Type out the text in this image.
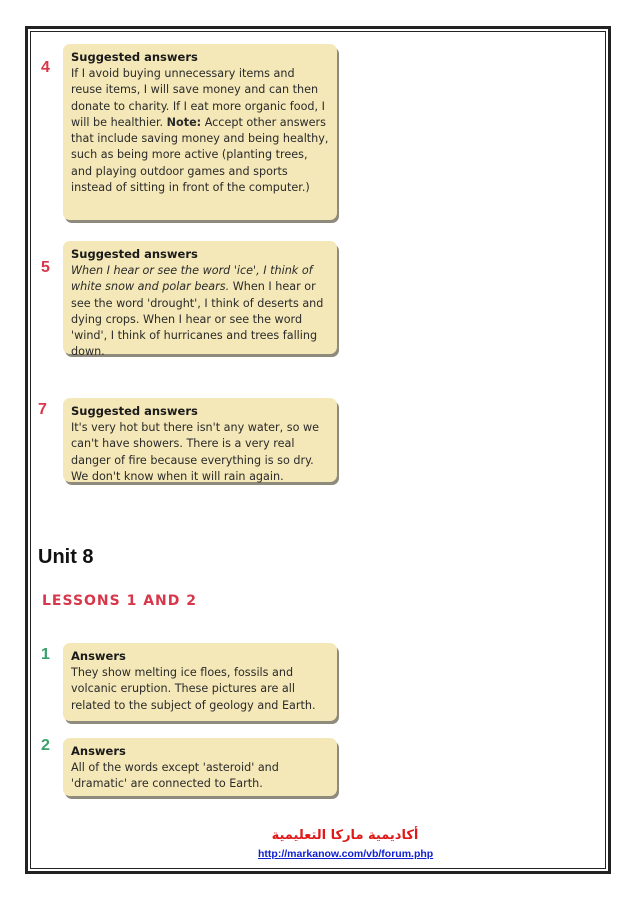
4
Suggested answers

If I avoid buying unnecessary items and reuse items, I will save money and can then donate to charity. If I eat more organic food, I will be healthier. Note: Accept other answers that include saving money and being healthy, such as being more active (planting trees, and playing outdoor games and sports instead of sitting in front of the computer.)

5
Suggested answers

When I hear or see the word 'ice', I think of white snow and polar bears. When I hear or see the word 'drought', I think of deserts and dying crops. When I hear or see the word 'wind', I think of hurricanes and trees falling down.

7 Suggested answers

It's very hot but there isn't any water, so we can't have showers. There is a very real danger of fire because everything is so dry. We don't know when it will rain again.

Unit 8
LESSONS 1 AND 2
1 Answers

They show melting ice floes, fossils and volcanic eruption. These pictures are all related to the subject of geology and Earth.

2 Answers

All of the words except 'asteroid' and 'dramatic' are connected to Earth.

أكاديمية ماركا التعليمية
http://markanow.com/vb/forum.php
